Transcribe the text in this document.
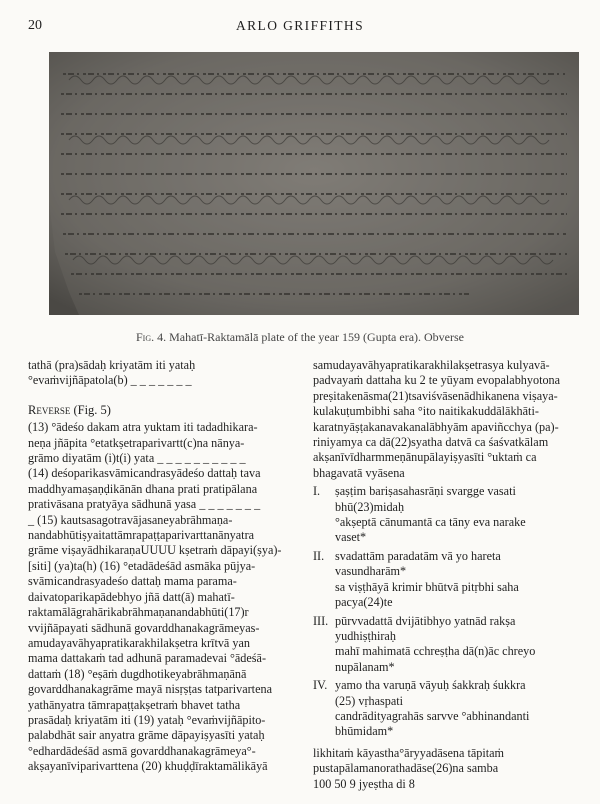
20	ARLO GRIFFITHS
Fig. 4. Mahatī-Raktamālā plate of the year 159 (Gupta era). Obverse

tathā (pra)sādaḥ kriyatām iti yataḥ

°evaṁvijñāpatola(b) _ _ _ _ _ _ _

Reverse (Fig. 5)

(13) °ādeśo dakam atra yuktam iti tadadhikara-

neṇa jñāpita °etatkṣetraparivartt(c)na nānya-

grāmo diyatām (i)t(i) yata _ _ _ _ _ _ _ _ _ _

(14) deśoparikasvāmicandrasyādeśo dattaḥ tava

maddhyamaṣaṇḍikānān dhana prati pratipālana

prativāsana pratyāya sādhunā yasa _ _ _ _ _ _ _

_ (15) kautsasagotravājasaneyabrāhmaṇa-

nandabhūtiṣyaitattāmrapaṭṭaparivarttanānyatra

grāme viṣayādhikaraṇaUUUU kṣetraṁ dāpayi(ṣya)-

[siti] (ya)ta(h) (16) °etadādeśād asmāka pūjya-

svāmicandrasyadeśo dattaḥ mama parama-

daivatoparikapādebhyo jñā datt(ā) mahatī-

raktamālāgrahārikabrāhmaṇanandabhūti(17)r

vvijñāpayati sādhunā govarddhanakagrāmeyas-

amudayavāhyapratikarakhilakṣetra krītvā yan

mama dattakaṁ tad adhunā paramadevai °ādeśā-

dattaṁ (18) °eṣāṁ dugdhotikeyabrāhmaṇānā

govarddhanakagrāme mayā nisṛṣṭas tatparivartena

yathānyatra tāmrapaṭṭakṣetraṁ bhavet tatha

prasādaḥ kriyatām iti (19) yataḥ °evaṁvijñāpito-

palabdhāt sair anyatra grāme dāpayiṣyasīti yataḥ

°edhardādeśād asmā govarddhanakagrāmeya°-

akṣayanīviparivarttena (20) khuḍḍīraktamālikāyā

samudayavāhyapratikarakhilakṣetrasya kulyavā-

padvayaṁ dattaha ku 2 te yūyam evopalabhyotona

preṣitakenāsma(21)tsaviśvāsenādhikanena viṣaya-

kulakuṭumbibhi saha °ito naitikakuddālākhāti-

karatnyāṣṭakanavakanalābhyām apaviñcchya (pa)-

riniyamya ca dā(22)syatha datvā ca śaśvatkālam

akṣanīvīdharmmeṇānupālayiṣyasīti °uktaṁ ca

bhagavatā vyāsena

I.	ṣaṣṭim bariṣasahasrāṇi svargge vasati
bhū(23)midaḥ
°akṣeptā cānumantā ca tāny eva narake
vaset*
II. svadattām paradatām vā yo hareta
vasundharām*
sa viṣṭhāyā krimir bhūtvā pitṛbhi saha
pacya(24)te
III. pūrvvadattā dvijātibhyo yatnād rakṣa
yudhiṣṭhiraḥ
mahī mahimatā cchreṣṭha dā(n)āc chreyo
nupālanam*
IV. yamo tha varuṇā vāyuḥ śakkraḥ śukkra
(25) vṛhaspati
candrādityagrahās sarvve °abhinandanti
bhūmidam*

likhitaṁ kāyastha°āryyadāsena tāpitaṁ

pustapālamanorathadāse(26)na samba

100 50 9 jyeṣtha di 8
